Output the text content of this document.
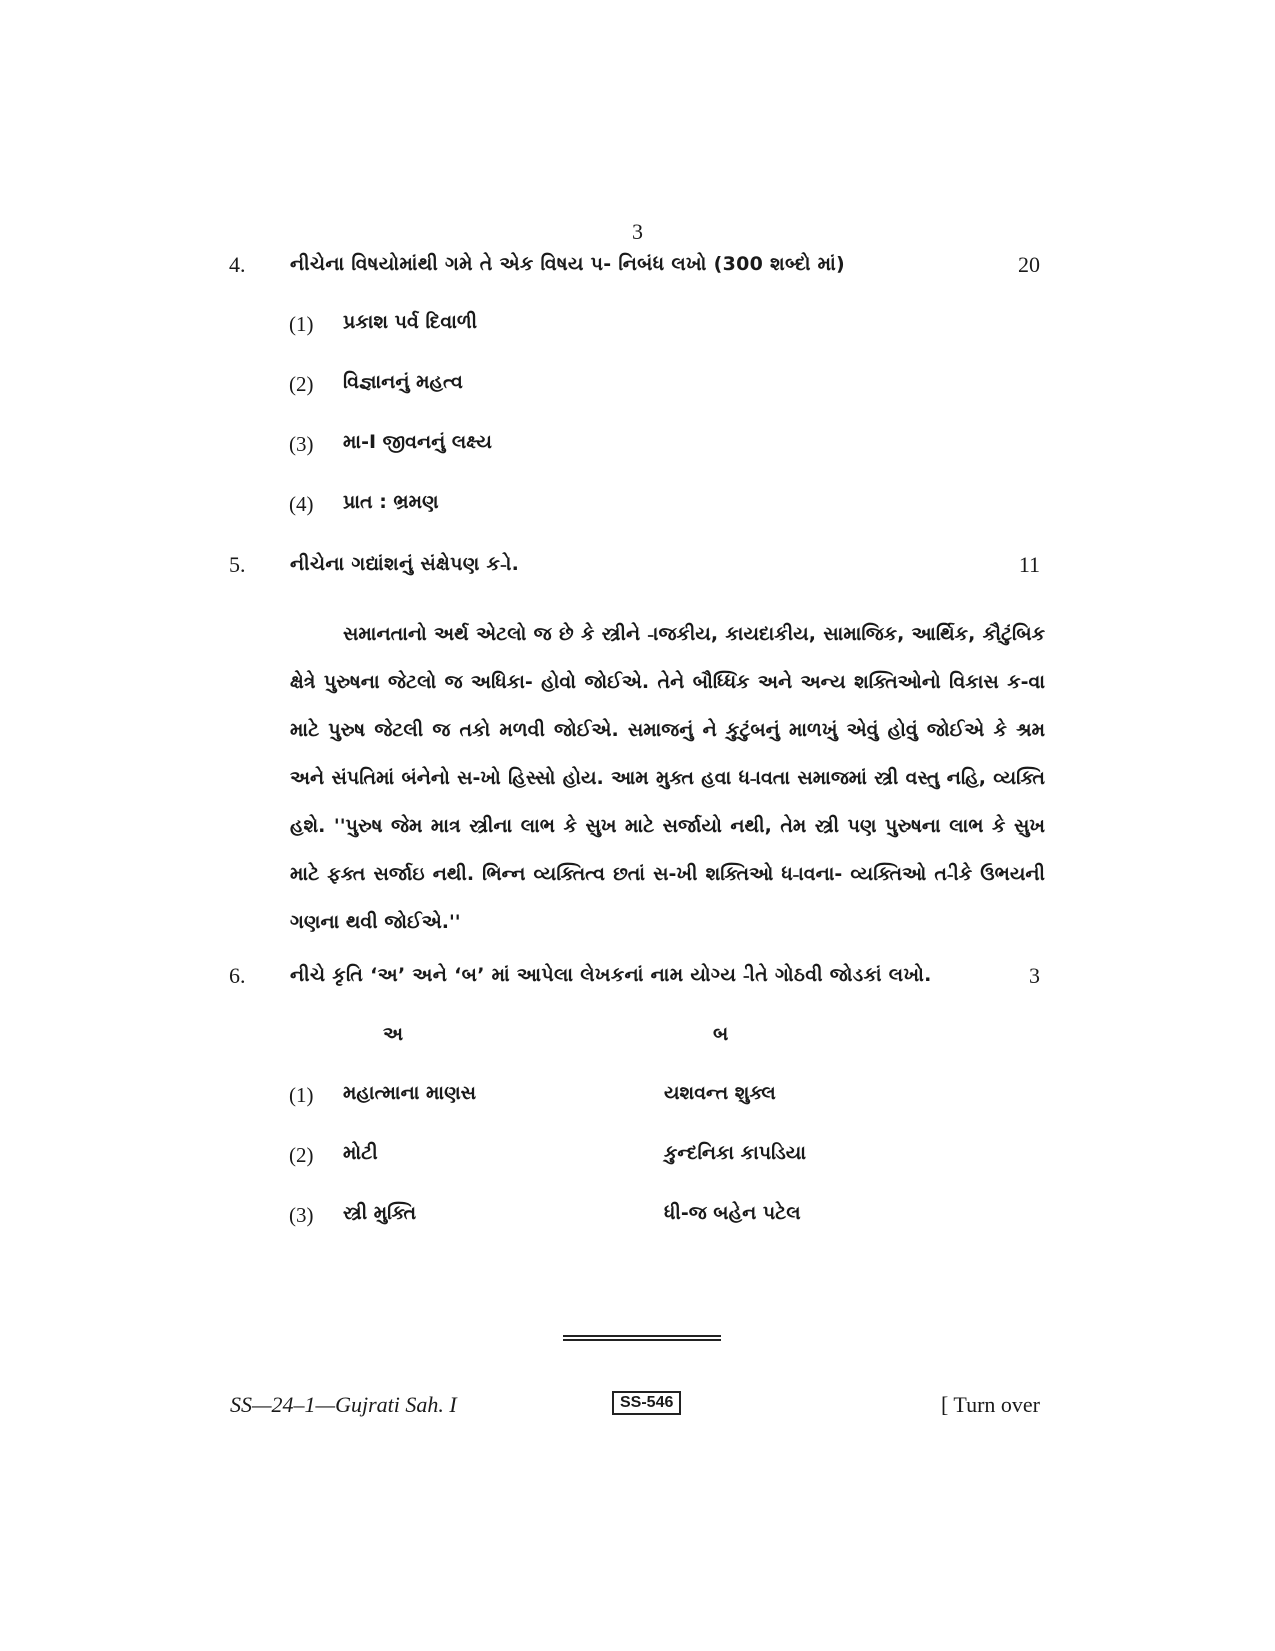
3
4. નીચેના વિષયોમાંથી ગમે તે એક વિષય પ- નિબંધ લખો (300 શબ્દો માં)	20
(1) પ્રકાશ પર્વ દિવાળી
(2) વિજ્ઞાનનું મહત્વ
(3) મા-I જીવનનું લક્ષ્ય
(4) પ્રાત : ભ્રમણ
5. નીચેના ગદ્યાંશનું સંક્ષેપણ ક-ો.	11
સમાનતાનો અર્થ એટલો જ છે કે સ્ત્રીને -ાજકીય, કાયદાકીય, સામાજિક, આર્થિક, કૌટુંબિક ક્ષેત્રે પુરુષના જેટલો જ અધિકા- હોવો જોઈએ. તેને બૌધ્ધિક અને અન્ય શક્તિઓનો વિકાસ ક-વા માટે પુરુષ જેટલી જ તકો મળવી જોઈએ. સમાજનું ને કુટુંબનું માળખું એવું હોવું જોઈએ કે શ્રમ અને સંપતિમાં બંનેનો સ-ખો હિસ્સો હોય. આમ મુક્ત હવા ધ-ાવતા સમાજમાં સ્ત્રી વસ્તુ નહિ, વ્યક્તિ હશે. ''પુરુષ જેમ માત્ર સ્ત્રીના લાભ કે સુખ માટે સર્જાયો નથી, તેમ સ્ત્રી પણ પુરુષના લાભ કે સુખ માટે ફક્ત સર્જાઇ નથી. ભિન્ન વ્યક્તિત્વ છતાં સ-ખી શક્તિઓ ધ-ાવના- વ્યક્તિઓ ત-ીકે ઉભયની ગણના થવી જોઈએ.''
6. નીચે કૃતિ ‘અ’ અને ‘બ’ માં આપેલા લેખકનાં નામ યોગ્ય -ીતે ગોઠવી જોડકાં લખો.	3
અ	બ
(1) મહાત્માના માણસ	યશવન્ત શુક્લ
(2) મોટી	કુન્દનિકા કાપડિયા
(3) સ્ત્રી મુક્તિ	ધી-જ બહેન પટેલ
SS—24–1—Gujrati Sah. I	SS-546	[ Turn over
